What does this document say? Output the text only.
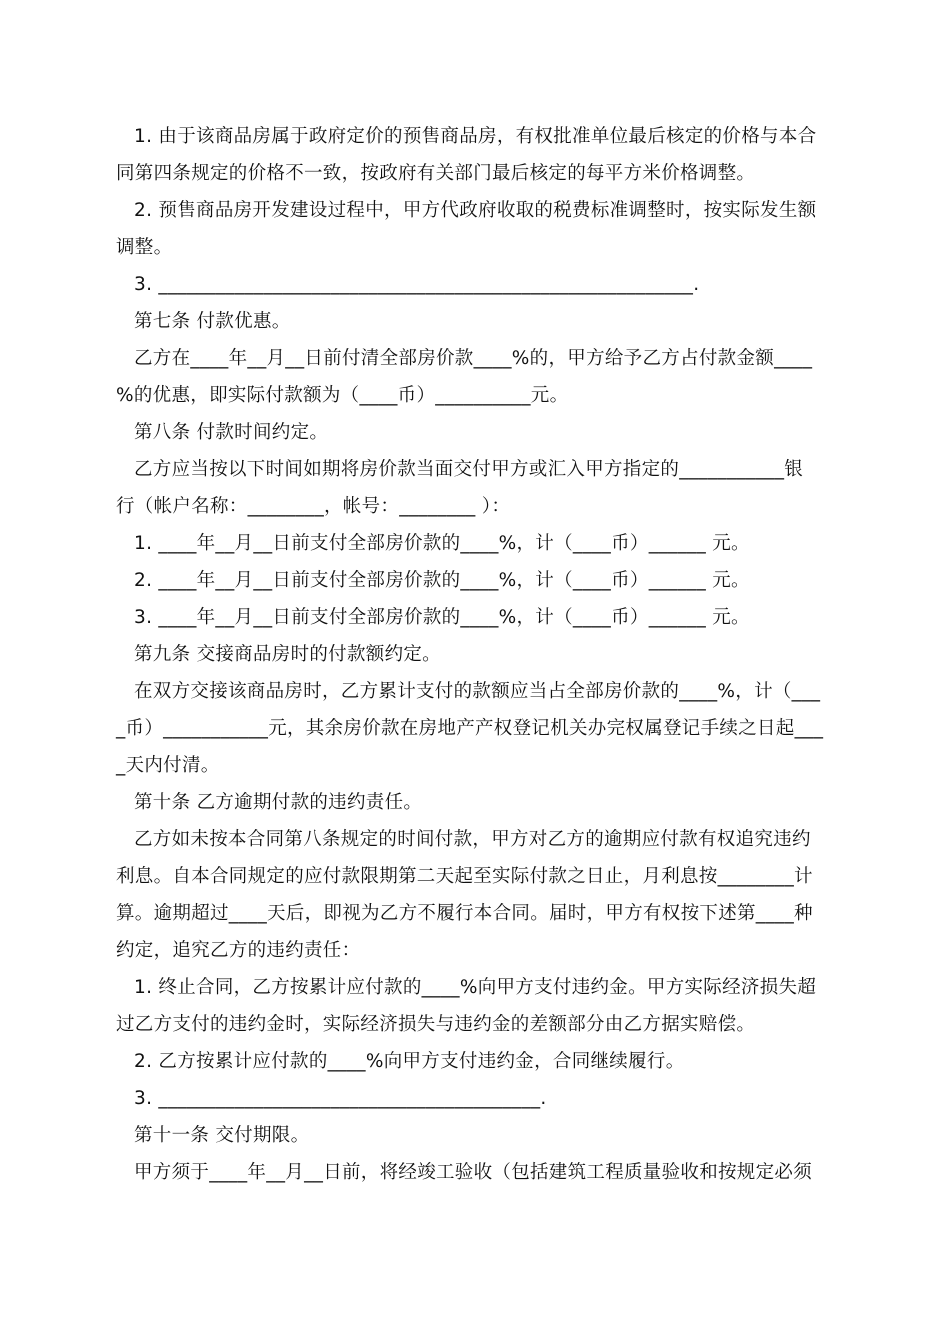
1. 由于该商品房属于政府定价的预售商品房，有权批准单位最后核定的价格与本合
同第四条规定的价格不一致，按政府有关部门最后核定的每平方米价格调整。
2. 预售商品房开发建设过程中，甲方代政府收取的税费标准调整时，按实际发生额
调整。
3. ________________________________________________________.
第七条 付款优惠。
乙方在____年__月__日前付清全部房价款____%的，甲方给予乙方占付款金额____
%的优惠，即实际付款额为（____币）__________元。
第八条 付款时间约定。
乙方应当按以下时间如期将房价款当面交付甲方或汇入甲方指定的___________银
行（帐户名称：________，帐号：________ ）：
1. ____年__月__日前支付全部房价款的____%，计（____币）______ 元。
2. ____年__月__日前支付全部房价款的____%，计（____币）______ 元。
3. ____年__月__日前支付全部房价款的____%，计（____币）______ 元。
第九条 交接商品房时的付款额约定。
在双方交接该商品房时，乙方累计支付的款额应当占全部房价款的____%，计（___
_币）___________元，其余房价款在房地产产权登记机关办完权属登记手续之日起___
_天内付清。
第十条 乙方逾期付款的违约责任。
乙方如未按本合同第八条规定的时间付款，甲方对乙方的逾期应付款有权追究违约
利息。自本合同规定的应付款限期第二天起至实际付款之日止，月利息按________计
算。逾期超过____天后，即视为乙方不履行本合同。届时，甲方有权按下述第____种
约定，追究乙方的违约责任：
1. 终止合同，乙方按累计应付款的____%向甲方支付违约金。甲方实际经济损失超
过乙方支付的违约金时，实际经济损失与违约金的差额部分由乙方据实赔偿。
2. 乙方按累计应付款的____%向甲方支付违约金，合同继续履行。
3. ________________________________________.
第十一条 交付期限。
甲方须于____年__月__日前，将经竣工验收（包括建筑工程质量验收和按规定必须
